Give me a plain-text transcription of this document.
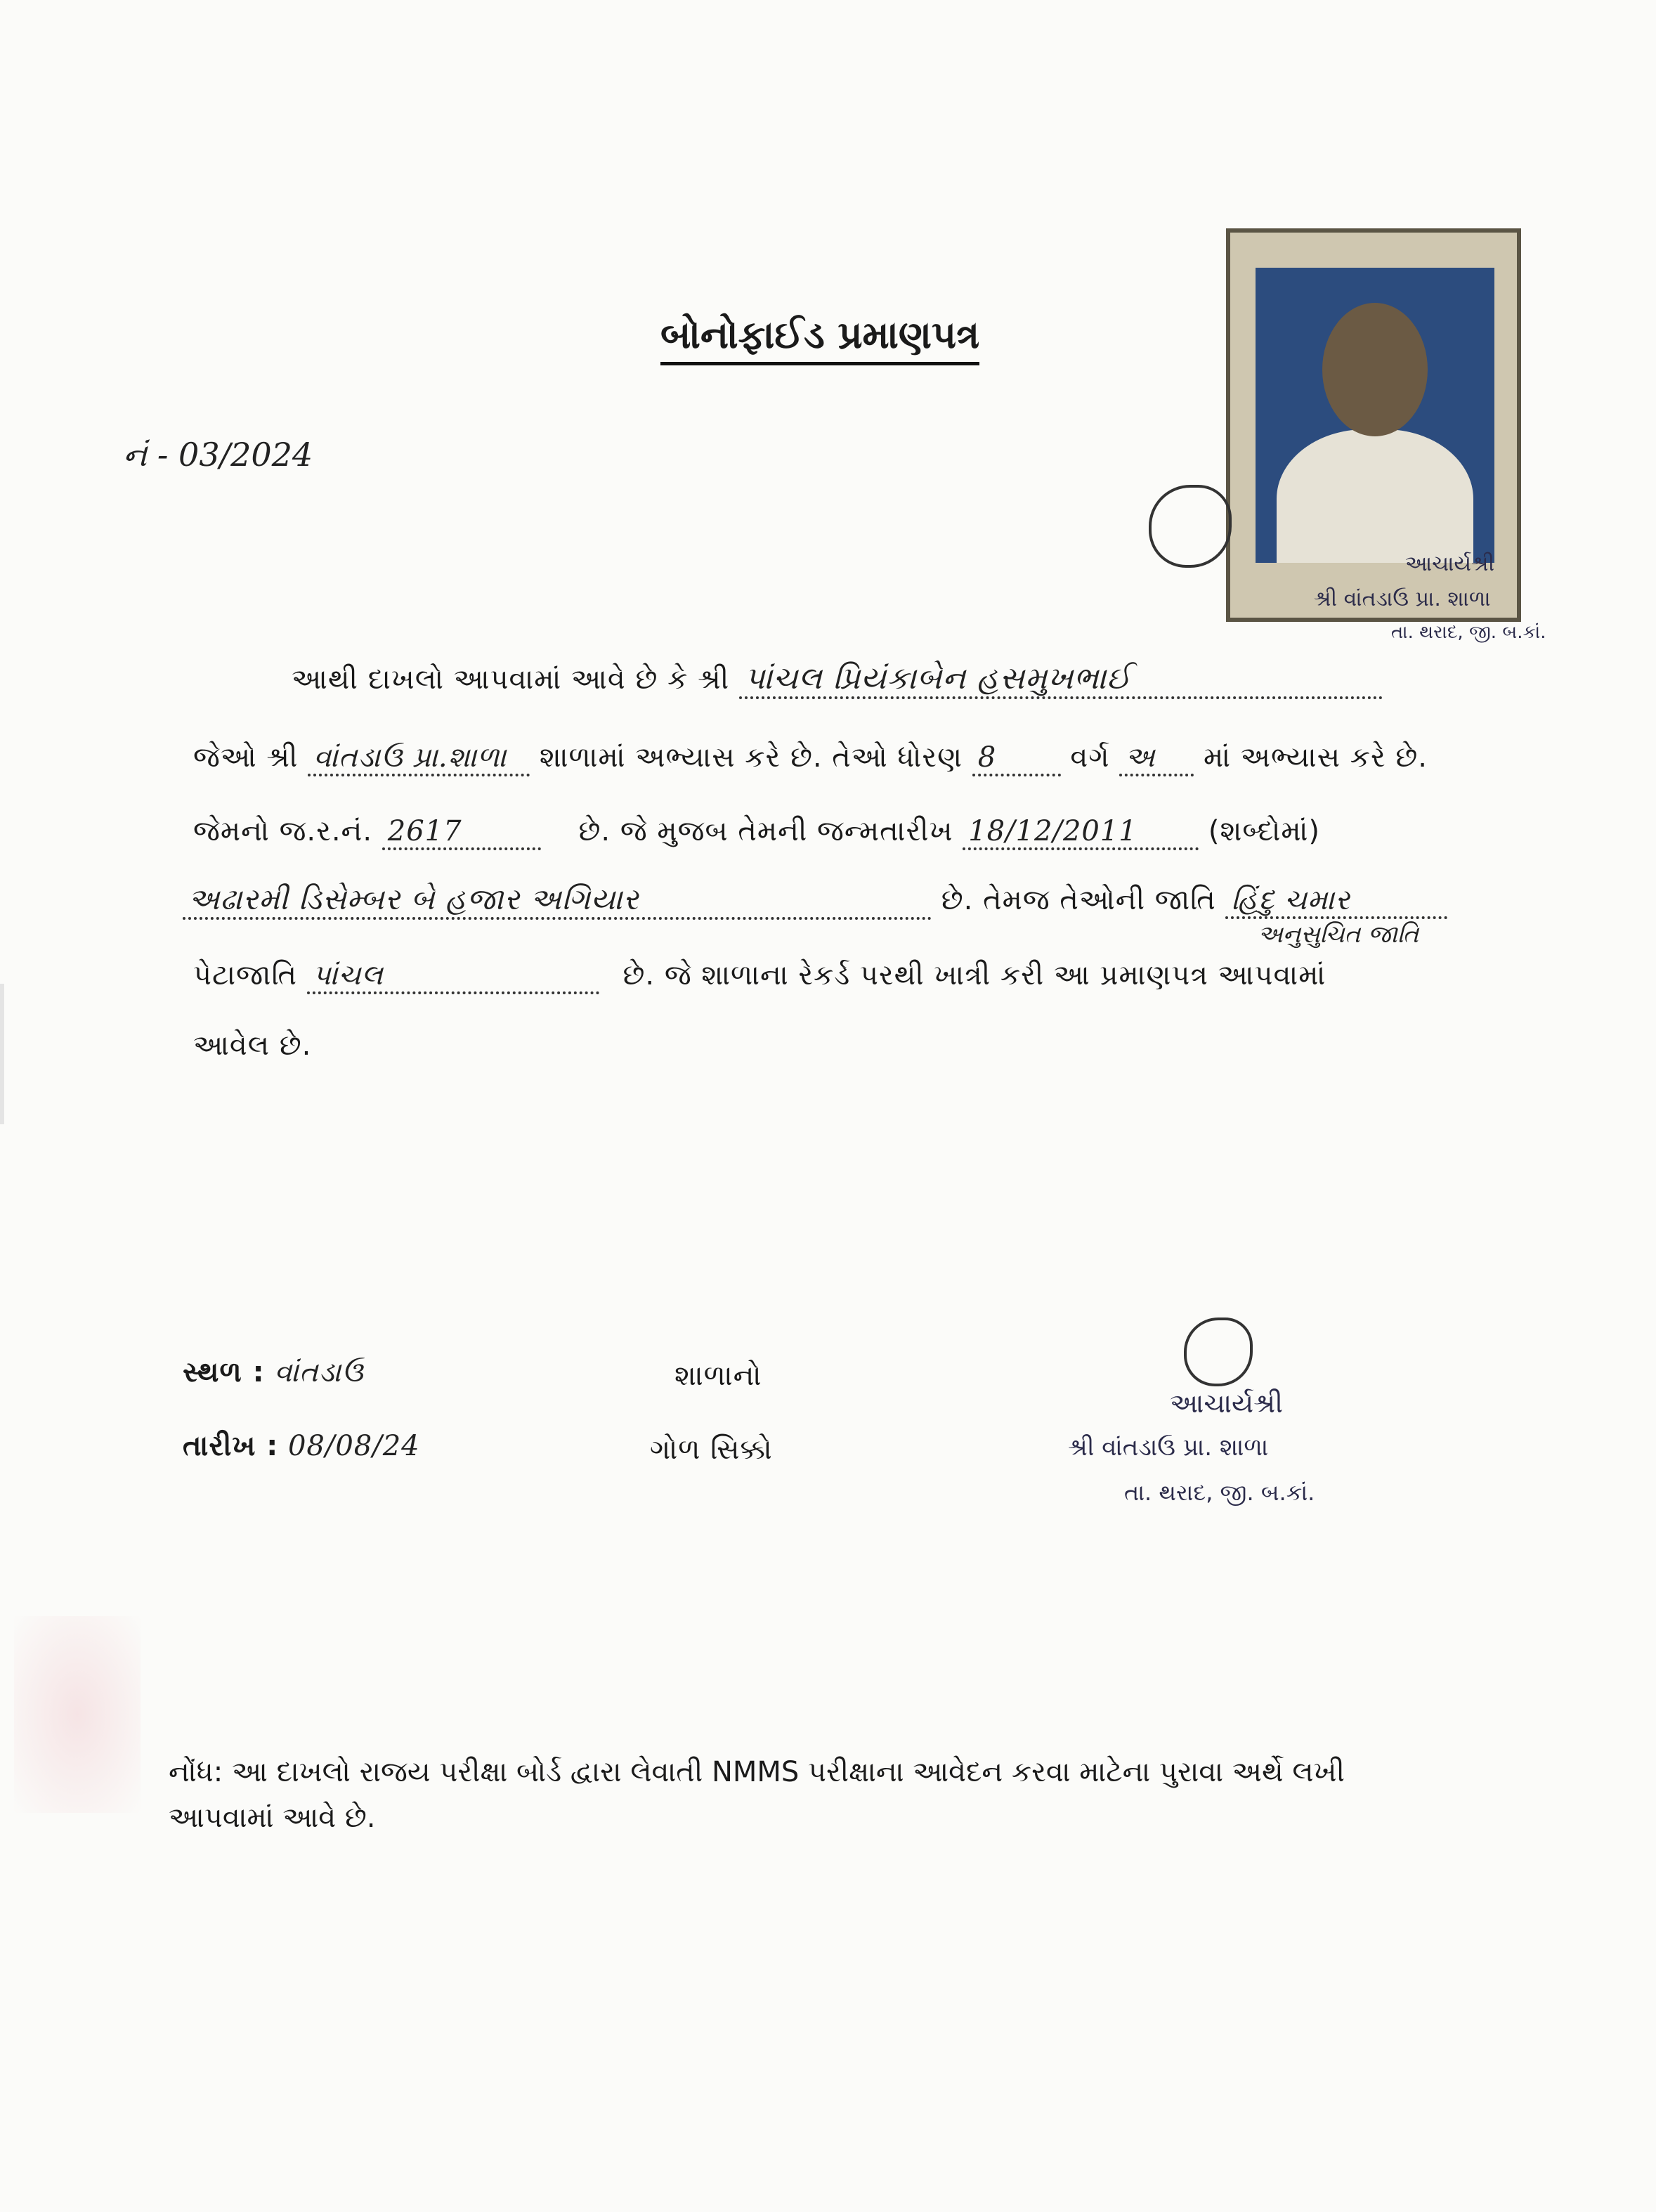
બોનોફાઈડ પ્રમાણપત્ર
નં - 03/2024
આચાર્યશ્રી
શ્રી વાંતડાઉ પ્રા. શાળા
તા. થરાદ, જી. બ.કાં.
આથી દાખલો આપવામાં આવે છે કે શ્રી પાંચલ પ્રિયંકાબેન હસમુખભાઈ
જેઓ શ્રી વાંતડાઉ પ્રા.શાળા શાળામાં અભ્યાસ કરે છે. તેઓ ધોરણ 8	વર્ગ અ માં અભ્યાસ કરે છે.
જેમનો જ.ર.નં. 2617	છે. જે મુજબ તેમની જન્મતારીખ 18/12/2011	(શબ્દોમાં)
અઢારમી ડિસેમ્બર બે હજાર અગિયાર	છે. તેમજ તેઓની જાતિ હિંદુ ચમાર
અનુસુચિત જાતિ
પેટાજાતિ પાંચલ	છે. જે શાળાના રેકર્ડ પરથી ખાત્રી કરી આ પ્રમાણપત્ર આપવામાં
આવેલ છે.
સ્થળ : વાંતડાઉ
તારીખ : 08/08/24
શાળાનો
ગોળ સિક્કો
આચાર્યશ્રી
શ્રી વાંતડાઉ પ્રા. શાળા
તા. થરાદ, જી. બ.કાં.
નોંધ: આ દાખલો રાજય પરીક્ષા બોર્ડ દ્વારા લેવાતી NMMS પરીક્ષાના આવેદન કરવા માટેના પુરાવા અર્થે લખી
આપવામાં આવે છે.
